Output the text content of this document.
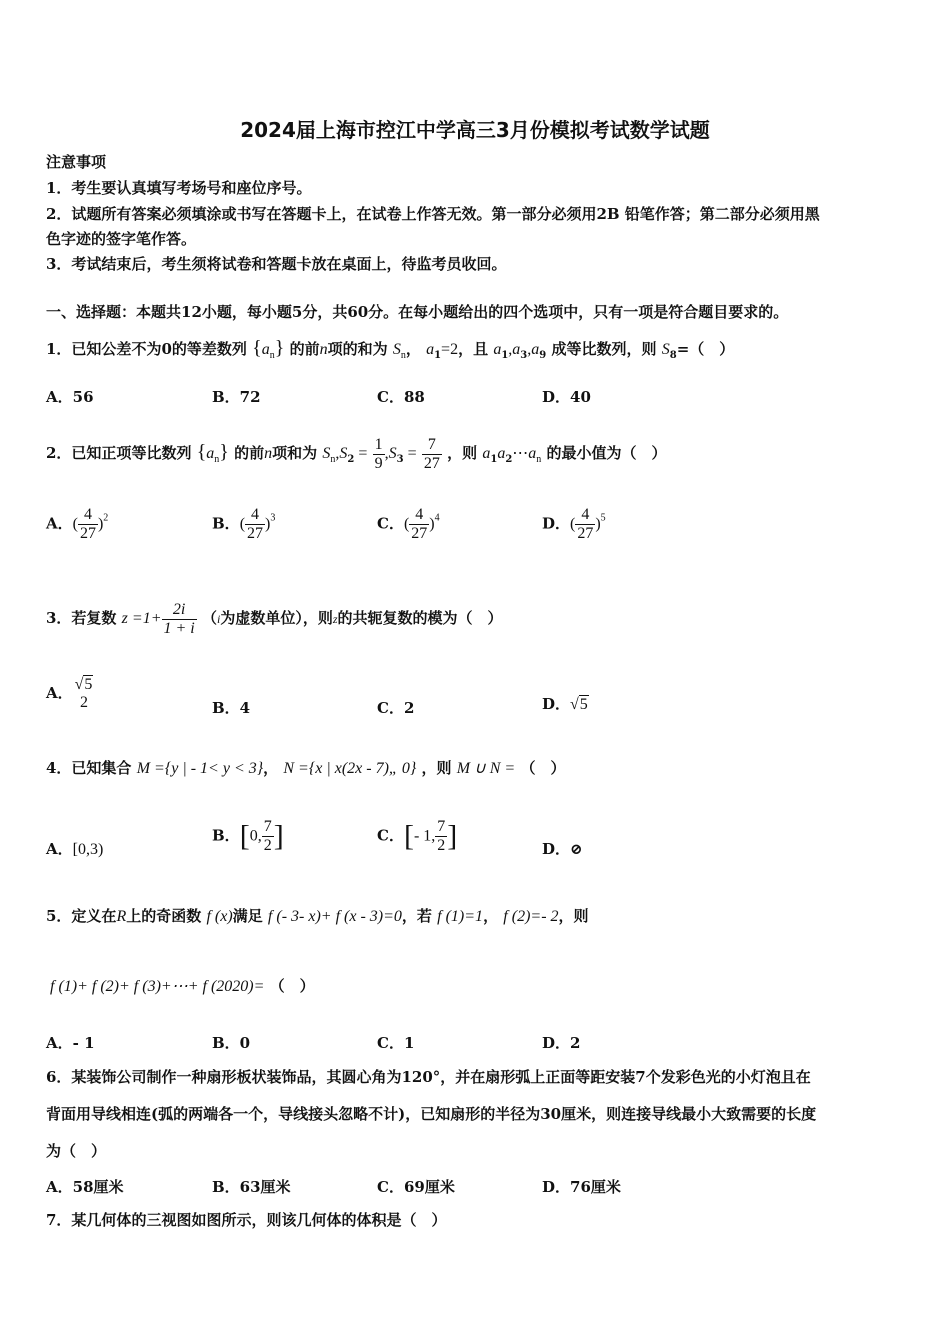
2024届上海市控江中学高三3月份模拟考试数学试题
注意事项
1．考生要认真填写考场号和座位序号。
2．试题所有答案必须填涂或书写在答题卡上，在试卷上作答无效。第一部分必须用2B 铅笔作答；第二部分必须用黑
色字迹的签字笔作答。
3．考试结束后，考生须将试卷和答题卡放在桌面上，待监考员收回。
一、选择题：本题共12小题，每小题5分，共60分。在每小题给出的四个选项中，只有一项是符合题目要求的。
1．已知公差不为0的等差数列 $\{a_n\}$ 的前n项的和为 $S_n$， $a_1=2$，且 $a_1,a_3,a_9$ 成等比数列，则 $S_8=$（　）
A．56	B．72	C．88	D．40
2．已知正项等比数列 $\{a_n\}$ 的前n项和为 $S_n,S_2 = \frac{1}{9} ,S_3 = \frac{7}{27}$ ，则 $a_1a_2\cdots a_n$ 的最小值为（　）
A．( $\frac{4}{27} )^2$	B．( $\frac{4}{27} )^3$	C．( $\frac{4}{27} )^4$	D．( $\frac{4}{27} )^5$
3．若复数 $z =1+ \frac{2i}{1 + i} (i$为虚数单位），则z的共轭复数的模为（　）
A． √5
2	B．4	C．2	D．√5
4．已知集合 M ={y | - 1< y < 3}， N ={x | x(2x - 7)„ 0} ，则 M ∪ N = （　）
A．[0,3)
B．[0, $\frac{7}{2}$ ]	C．[- 1, $\frac{7}{2}$ ]	D．⊘
5．定义在R上的奇函数 f (x)满足 f (- 3- x)+ f (x - 3)=0，若 f (1)=1， f (2)=- 2，则
f (1)+ f (2)+ f (3)+⋯+ f (2020)= （　）
A．- 1	B．0	C．1	D．2
6．某装饰公司制作一种扇形板状装饰品，其圆心角为120°，并在扇形弧上正面等距安装7个发彩色光的小灯泡且在
背面用导线相连(弧的两端各一个，导线接头忽略不计)，已知扇形的半径为30厘米，则连接导线最小大致需要的长度
为（　）
A．58厘米	B．63厘米	C．69厘米	D．76厘米
7．某几何体的三视图如图所示，则该几何体的体积是（　）
